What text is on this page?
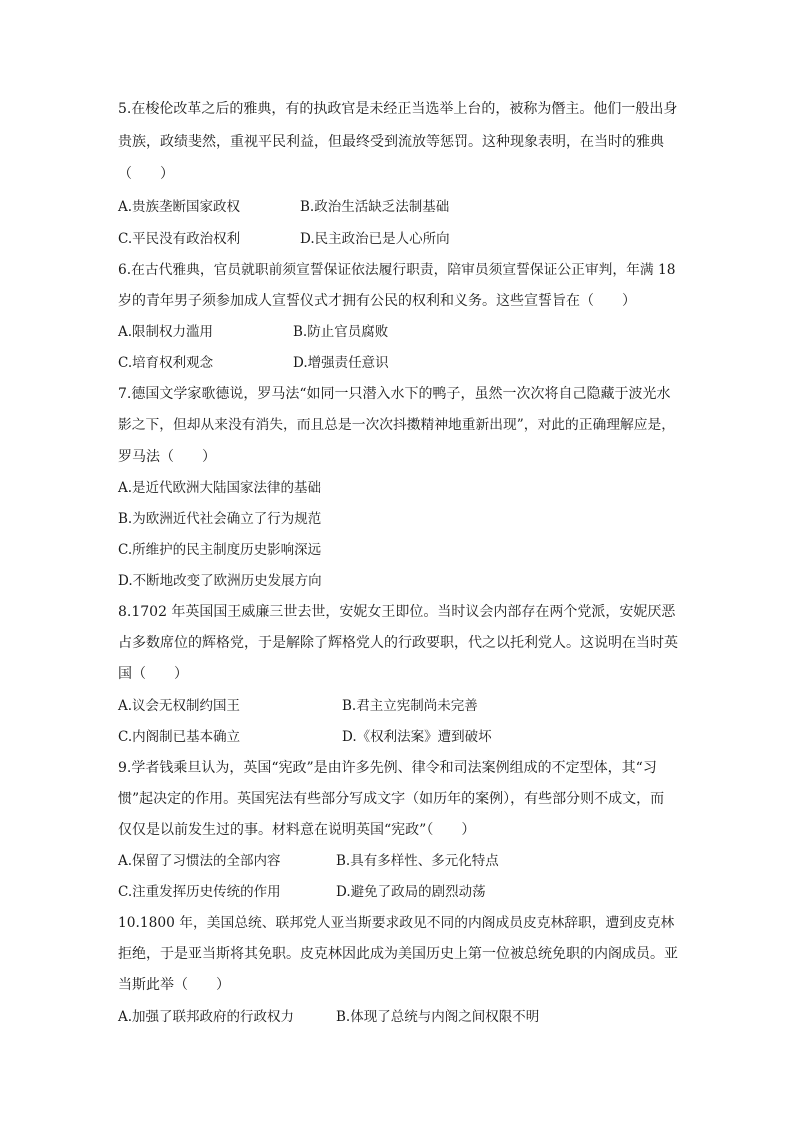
5.在梭伦改革之后的雅典，有的执政官是未经正当选举上台的，被称为僭主。他们一般出身
贵族，政绩斐然，重视平民利益，但最终受到流放等惩罚。这种现象表明，在当时的雅典
（　　）
A.贵族垄断国家政权	B.政治生活缺乏法制基础
C.平民没有政治权利	D.民主政治已是人心所向
6.在古代雅典，官员就职前须宣誓保证依法履行职责，陪审员须宣誓保证公正审判，年满 18
岁的青年男子须参加成人宣誓仪式才拥有公民的权利和义务。这些宣誓旨在（　　）
A.限制权力滥用	B.防止官员腐败
C.培育权利观念	D.增强责任意识
7.德国文学家歌德说，罗马法“如同一只潜入水下的鸭子，虽然一次次将自己隐藏于波光水
影之下，但却从来没有消失，而且总是一次次抖擞精神地重新出现”，对此的正确理解应是，
罗马法（　　）
A.是近代欧洲大陆国家法律的基础
B.为欧洲近代社会确立了行为规范
C.所维护的民主制度历史影响深远
D.不断地改变了欧洲历史发展方向
8.1702 年英国国王威廉三世去世，安妮女王即位。当时议会内部存在两个党派，安妮厌恶
占多数席位的辉格党，于是解除了辉格党人的行政要职，代之以托利党人。这说明在当时英
国（　　）
A.议会无权制约国王	B.君主立宪制尚未完善
C.内阁制已基本确立	D.《权利法案》遭到破坏
9.学者钱乘旦认为，英国“宪政”是由许多先例、律令和司法案例组成的不定型体，其“习
惯”起决定的作用。英国宪法有些部分写成文字（如历年的案例），有些部分则不成文，而
仅仅是以前发生过的事。材料意在说明英国“宪政”（　　）
A.保留了习惯法的全部内容	B.具有多样性、多元化特点
C.注重发挥历史传统的作用	D.避免了政局的剧烈动荡
10.1800 年，美国总统、联邦党人亚当斯要求政见不同的内阁成员皮克林辞职，遭到皮克林
拒绝，于是亚当斯将其免职。皮克林因此成为美国历史上第一位被总统免职的内阁成员。亚
当斯此举（　　）
A.加强了联邦政府的行政权力	B.体现了总统与内阁之间权限不明
